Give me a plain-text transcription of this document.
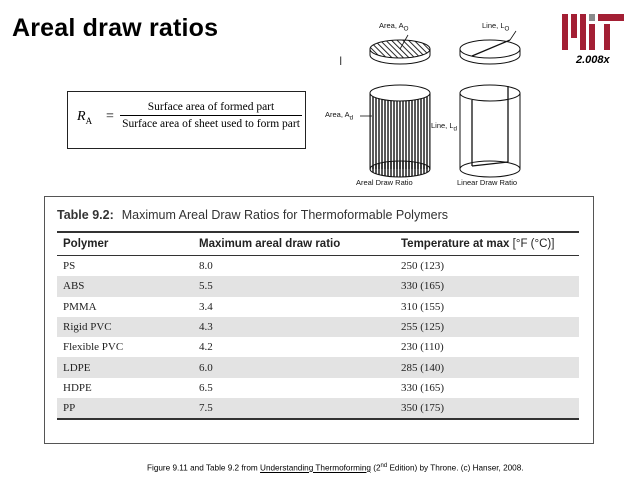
Areal draw ratios
2.008x
I
$R_A$ =
Surface area of formed part
Surface area of sheet used to form part
Area, $A_O$	Line, $L_O$
Area, $A_d$
Line, $L_d$
Areal Draw Ratio	Linear Draw Ratio
Table 9.2: Maximum Areal Draw Ratios for Thermoformable Polymers
Polymer	Maximum areal draw ratio	Temperature at max [°F (°C)]
PS	8.0	250 (123)
ABS	5.5	330 (165)
PMMA	3.4	310 (155)
Rigid PVC	4.3	255 (125)
Flexible PVC	4.2	230 (110)
LDPE	6.0	285 (140)
HDPE	6.5	330 (165)
PP	7.5	350 (175)
Figure 9.11 and Table 9.2 from Understanding Thermoforming (2nd Edition) by Throne. (c) Hanser, 2008.
